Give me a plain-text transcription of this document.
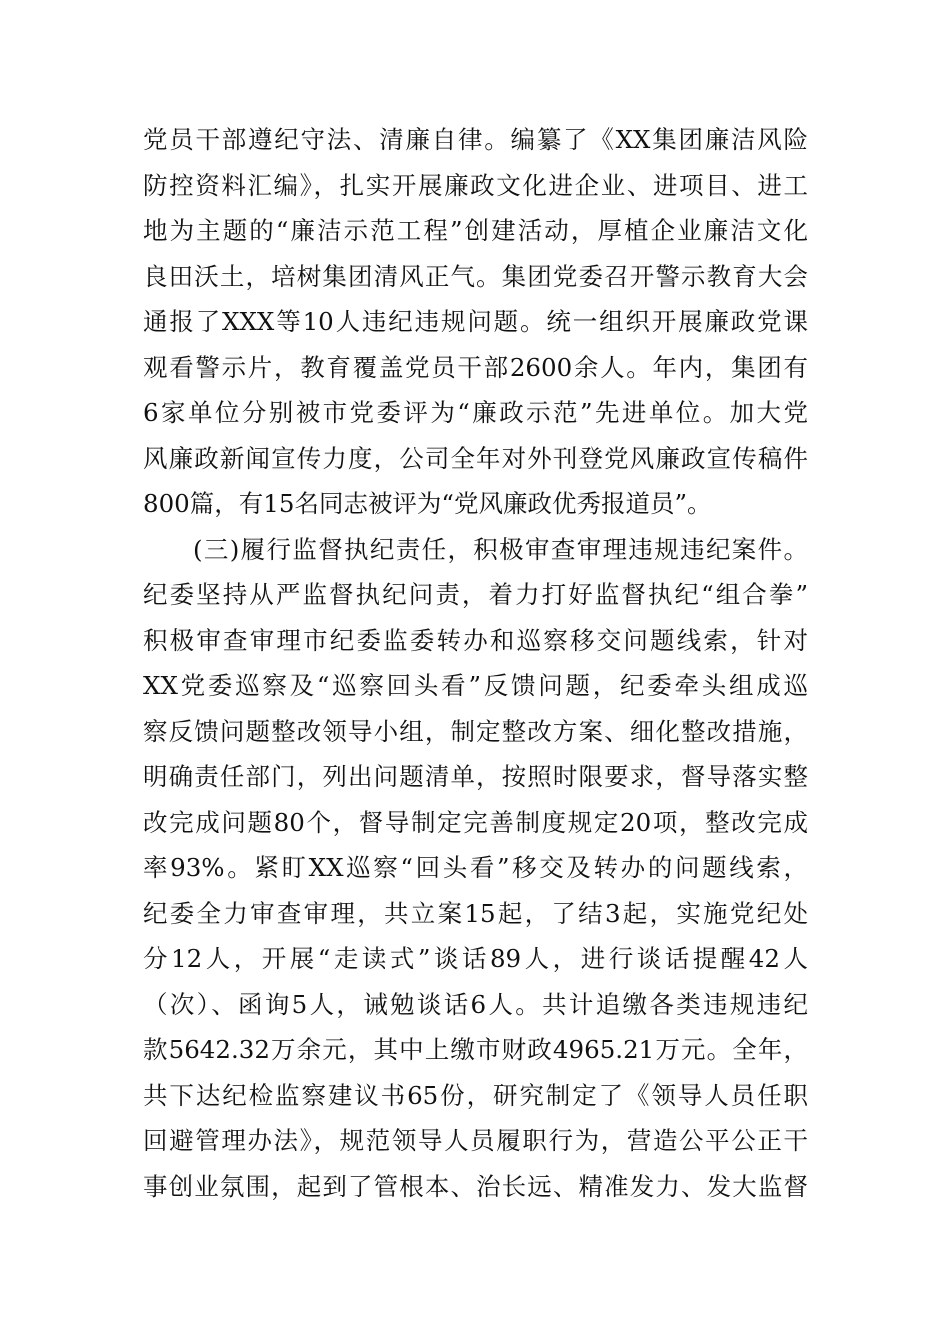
党员干部遵纪守法、清廉自律。编纂了《XX集团廉洁风险
防控资料汇编》，扎实开展廉政文化进企业、进项目、进工
地为主题的“廉洁示范工程”创建活动，厚植企业廉洁文化
良田沃土，培树集团清风正气。集团党委召开警示教育大会
通报了XXX等10人违纪违规问题。统一组织开展廉政党课
观看警示片，教育覆盖党员干部2600余人。年内，集团有
6家单位分别被市党委评为“廉政示范”先进单位。加大党
风廉政新闻宣传力度，公司全年对外刊登党风廉政宣传稿件
800篇，有15名同志被评为“党风廉政优秀报道员”。
(三)履行监督执纪责任，积极审查审理违规违纪案件。
纪委坚持从严监督执纪问责，着力打好监督执纪“组合拳”
积极审查审理市纪委监委转办和巡察移交问题线索，针对
XX党委巡察及“巡察回头看”反馈问题，纪委牵头组成巡
察反馈问题整改领导小组，制定整改方案、细化整改措施，
明确责任部门，列出问题清单，按照时限要求，督导落实整
改完成问题80个，督导制定完善制度规定20项，整改完成
率93%。紧盯XX巡察“回头看”移交及转办的问题线索，
纪委全力审查审理，共立案15起，了结3起，实施党纪处
分12人，开展“走读式”谈话89人，进行谈话提醒42人
（次）、函询5人，诫勉谈话6人。共计追缴各类违规违纪
款5642.32万余元，其中上缴市财政4965.21万元。全年，
共下达纪检监察建议书65份，研究制定了《领导人员任职
回避管理办法》，规范领导人员履职行为，营造公平公正干
事创业氛围，起到了管根本、治长远、精准发力、发大监督
